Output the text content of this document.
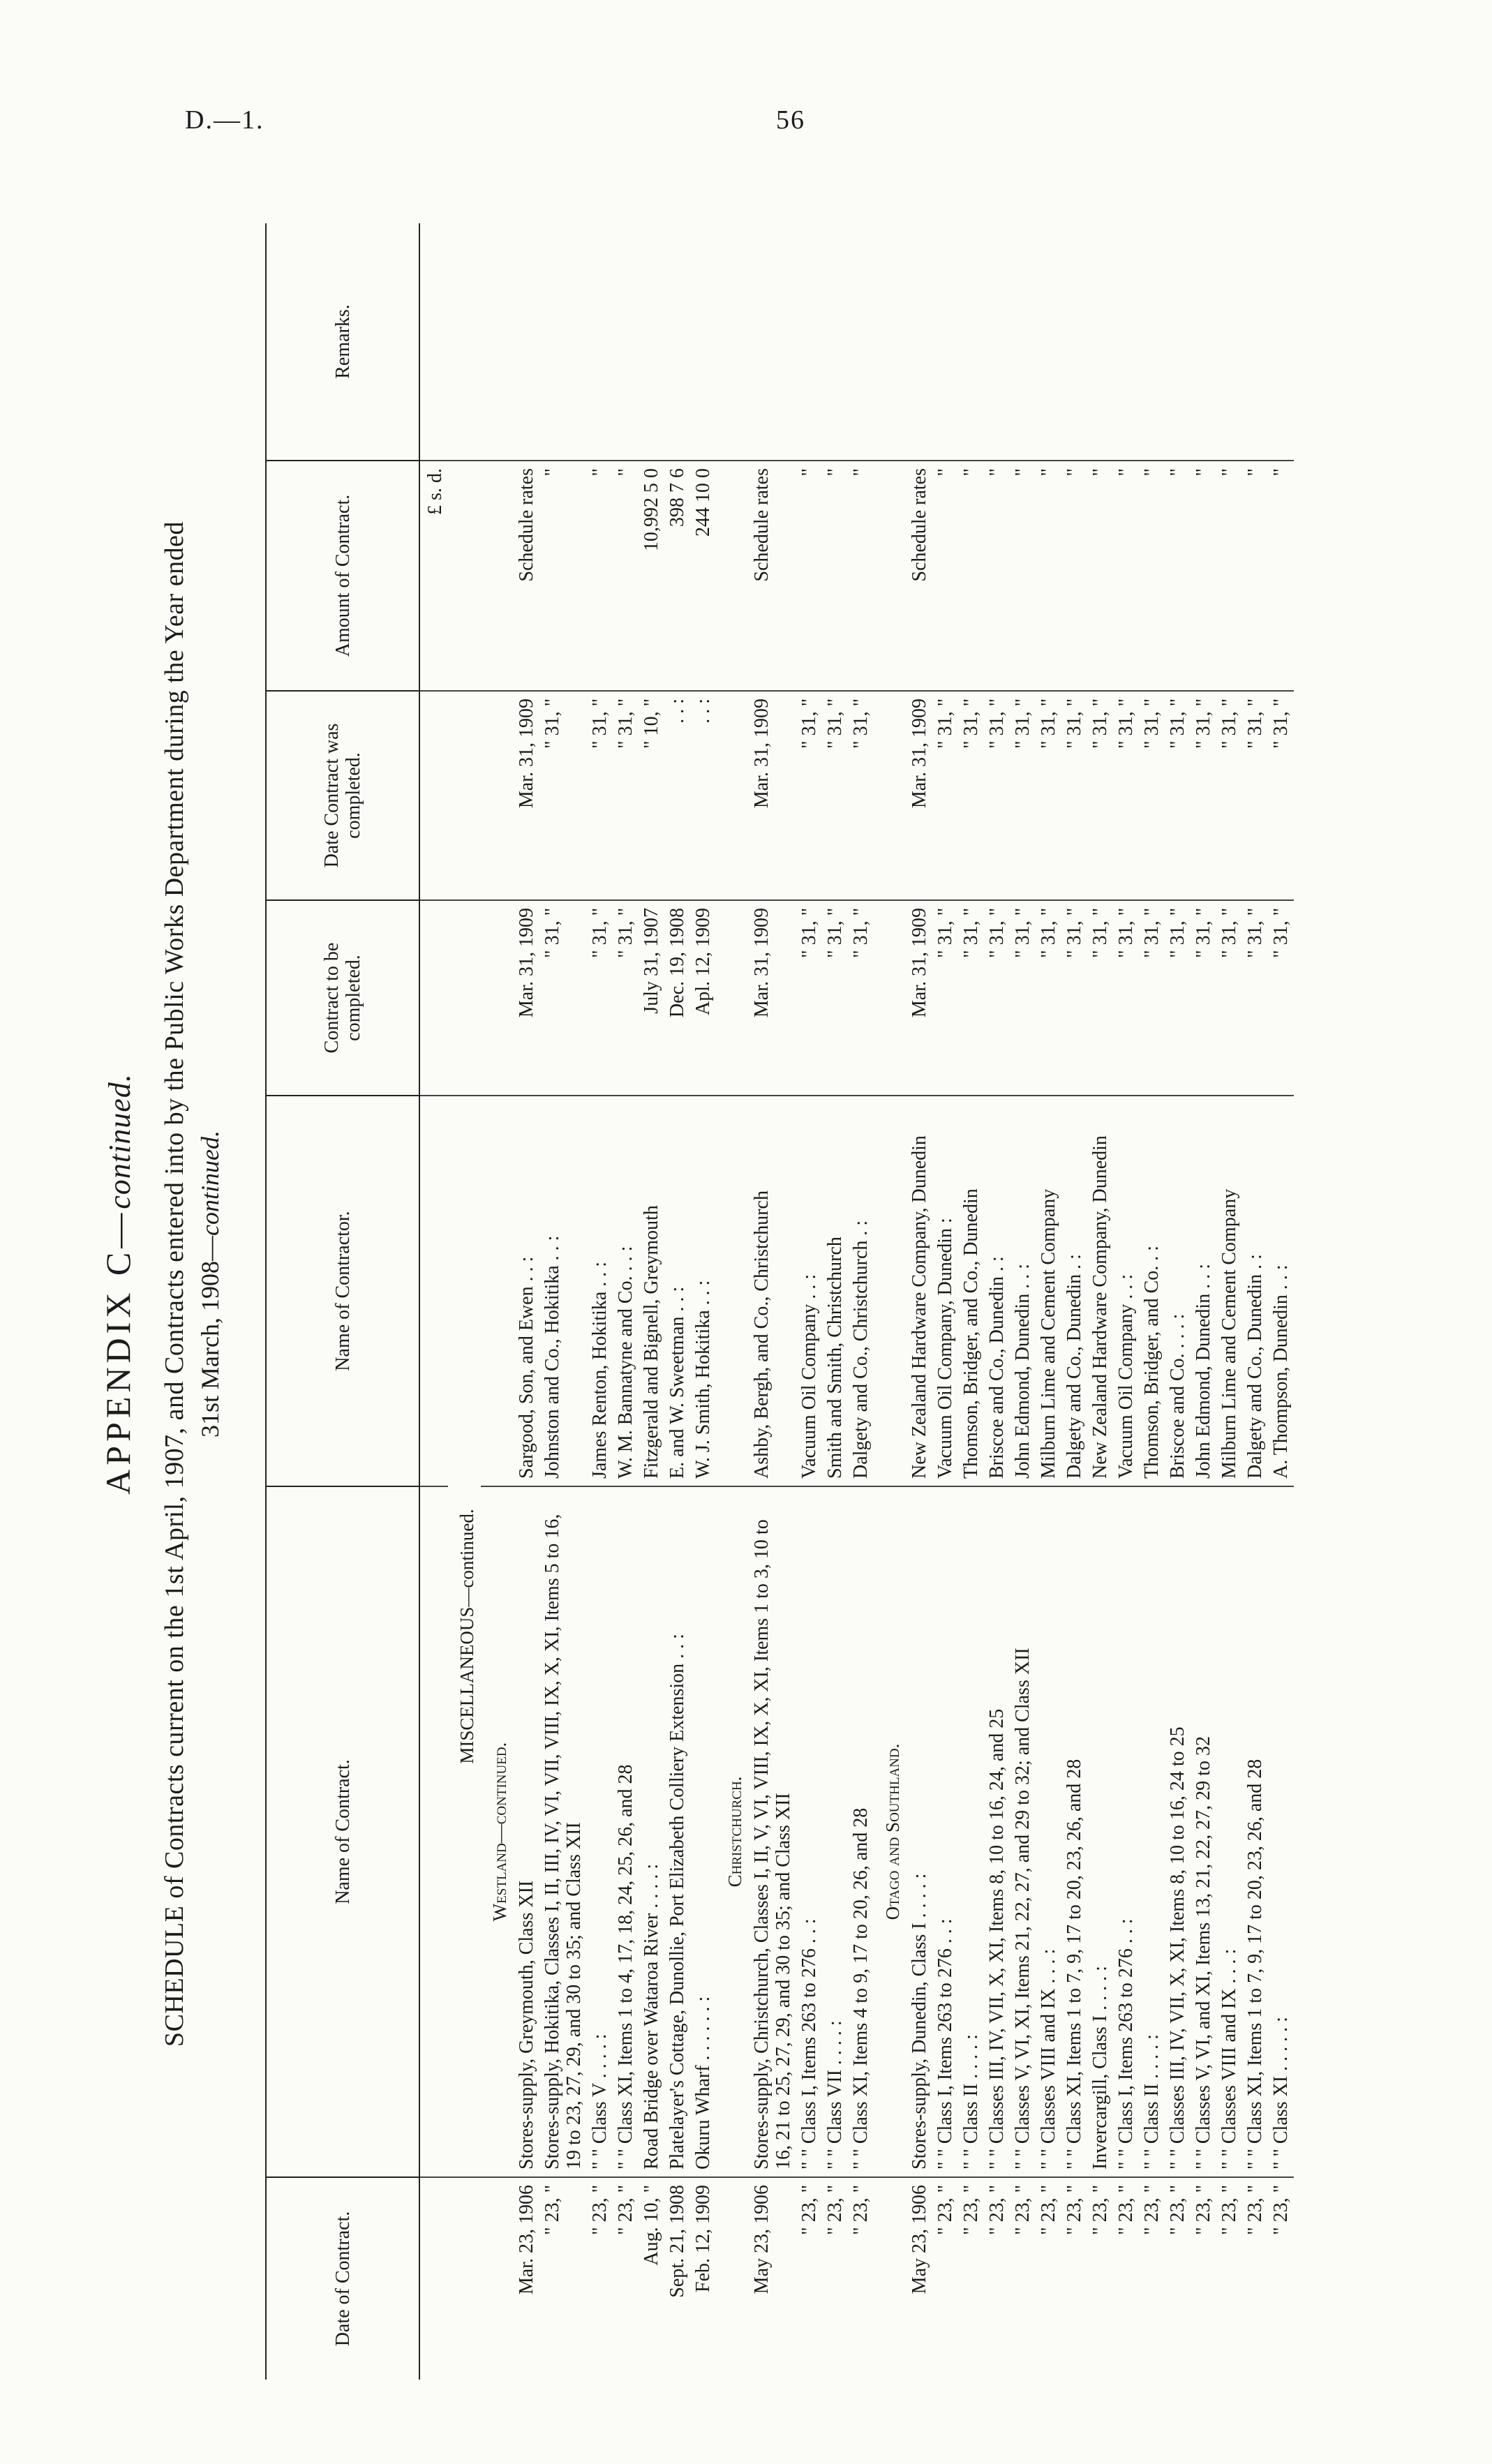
D.—1.	56
APPENDIX C—continued. SCHEDULE of Contracts current on the 1st April, 1907, and Contracts entered into by the Public Works Department during the Year ended 31st March, 1908—continued.
Date of Contract.	Name of Contract.	Name of Contractor.	Contract to be completed.	Date Contract was completed.	Amount of Contract.	Remarks.
					£ s. d.	
	MISCELLANEOUS—continued.					
	Westland—continued.					
Mar. 23, 1906	Stores-supply, Greymouth, Class XII	Sargood, Son, and Ewen . . :	Mar. 31, 1909	Mar. 31, 1909	Schedule rates	
" 23, "	Stores-supply, Hokitika, Classes I, II, III, IV, VI, VII, VIII, IX, X, XI, Items 5 to 16, 19 to 23, 27, 29, and 30 to 35; and Class XII	Johnston and Co., Hokitika . . :	" 31, "	" 31, "	"	
" 23, "	" " Class V . . . . :	James Renton, Hokitika . . :	" 31, "	" 31, "	"	
" 23, "	" " Class XI, Items 1 to 4, 17, 18, 24, 25, 26, and 28	W. M. Bannatyne and Co. . . :	" 31, "	" 31, "	"	
Aug. 10, "	Road Bridge over Wataroa River . . . . :	Fitzgerald and Bignell, Greymouth	July 31, 1907	" 10, "	10,992 5 0	
Sept. 21, 1908	Platelayer's Cottage, Dunollie, Port Elizabeth Colliery Extension . . :	E. and W. Sweetman . . :	Dec. 19, 1908	. . :	398 7 6	
Feb. 12, 1909	Okuru Wharf . . . . . . :	W. J. Smith, Hokitika . . :	Apl. 12, 1909	. . :	244 10 0	
	Christchurch.					
May 23, 1906	Stores-supply, Christchurch, Classes I, II, V, VI, VIII, IX, X, XI, Items 1 to 3, 10 to 16, 21 to 25, 27, 29, and 30 to 35; and Class XII	Ashby, Bergh, and Co., Christchurch	Mar. 31, 1909	Mar. 31, 1909	Schedule rates	
" 23, "	" " Class I, Items 263 to 276 . . :	Vacuum Oil Company . . :	" 31, "	" 31, "	"	
" 23, "	" " Class VII . . . . :	Smith and Smith, Christchurch	" 31, "	" 31, "	"	
" 23, "	" " Class XI, Items 4 to 9, 17 to 20, 26, and 28	Dalgety and Co., Christchurch . :	" 31, "	" 31, "	"	
	Otago and Southland.					
May 23, 1906	Stores-supply, Dunedin, Class I . . . . :	New Zealand Hardware Company, Dunedin	Mar. 31, 1909	Mar. 31, 1909	Schedule rates	
" 23, "	" " Class I, Items 263 to 276 . . :	Vacuum Oil Company, Dunedin :	" 31, "	" 31, "	"	
" 23, "	" " Class II . . . . :	Thomson, Bridger, and Co., Dunedin	" 31, "	" 31, "	"	
" 23, "	" " Classes III, IV, VII, X, XI, Items 8, 10 to 16, 24, and 25	Briscoe and Co., Dunedin . :	" 31, "	" 31, "	"	
" 23, "	" " Classes V, VI, XI, Items 21, 22, 27, and 29 to 32; and Class XII	John Edmond, Dunedin . . :	" 31, "	" 31, "	"	
" 23, "	" " Classes VIII and IX . . . :	Milburn Lime and Cement Company	" 31, "	" 31, "	"	
" 23, "	" " Class XI, Items 1 to 7, 9, 17 to 20, 23, 26, and 28	Dalgety and Co., Dunedin . :	" 31, "	" 31, "	"	
" 23, "	Invercargill, Class I . . . . :	New Zealand Hardware Company, Dunedin	" 31, "	" 31, "	"	
" 23, "	" " Class I, Items 263 to 276 . . :	Vacuum Oil Company . . :	" 31, "	" 31, "	"	
" 23, "	" " Class II . . . . :	Thomson, Bridger, and Co. . :	" 31, "	" 31, "	"	
" 23, "	" " Classes III, IV, VII, X, XI, Items 8, 10 to 16, 24 to 25	Briscoe and Co. . . . :	" 31, "	" 31, "	"	
" 23, "	" " Classes V, VI, and XI, Items 13, 21, 22, 27, 29 to 32	John Edmond, Dunedin . . :	" 31, "	" 31, "	"	
" 23, "	" " Classes VIII and IX . . . :	Milburn Lime and Cement Company	" 31, "	" 31, "	"	
" 23, "	" " Class XI, Items 1 to 7, 9, 17 to 20, 23, 26, and 28	Dalgety and Co., Dunedin . :	" 31, "	" 31, "	"	
" 23, "	" " Class XI . . . . . :	A. Thompson, Dunedin . . :	" 31, "	" 31, "	"	
